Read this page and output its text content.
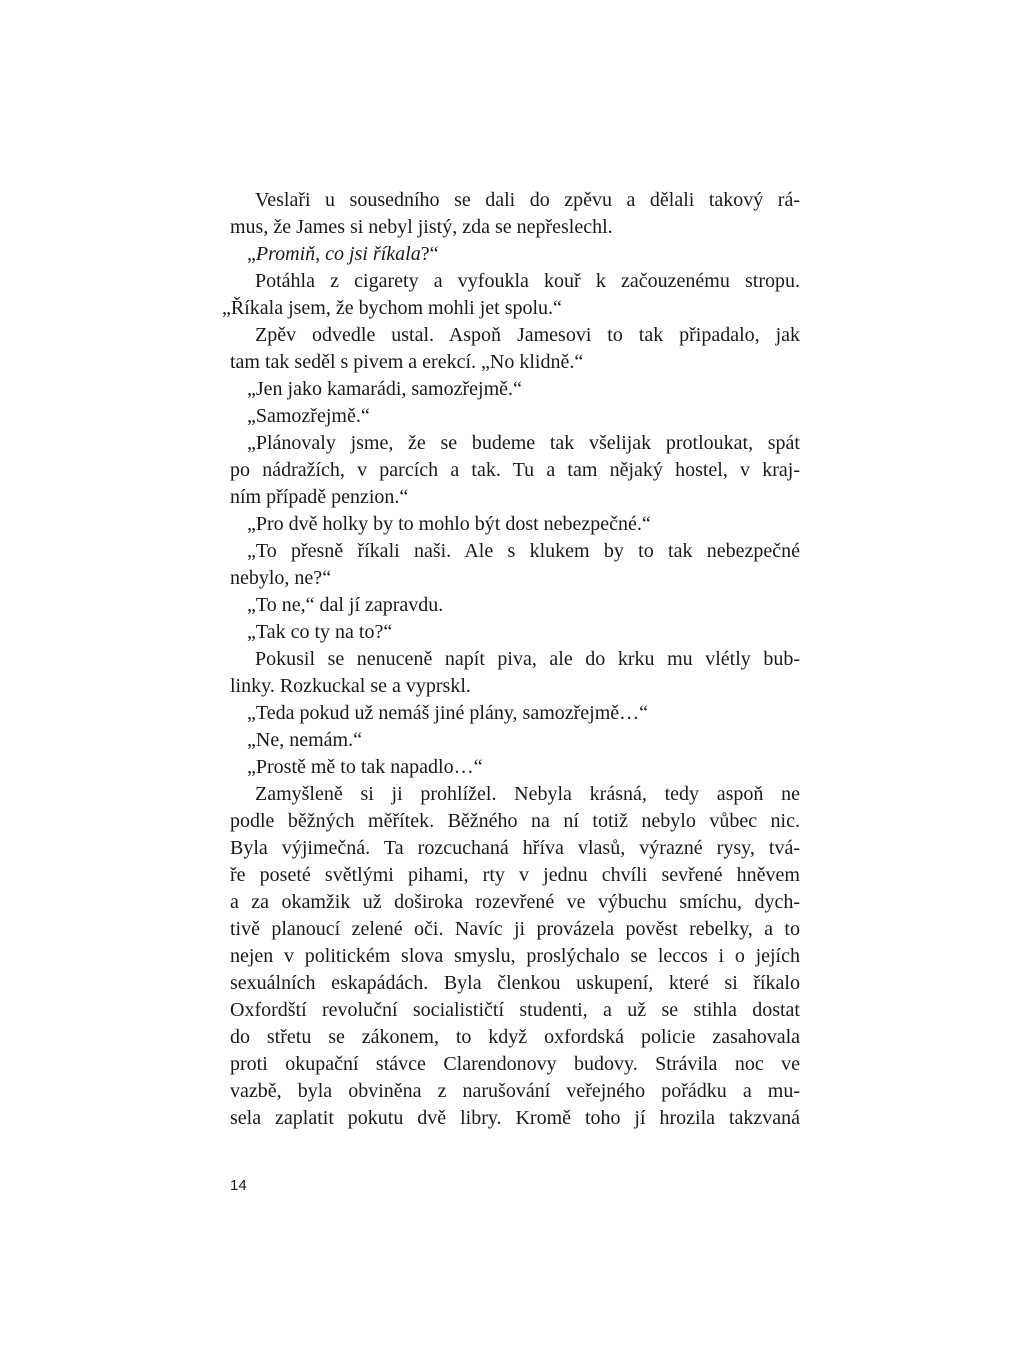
Veslaři u sousedního se dali do zpěvu a dělali takový rá-
mus, že James si nebyl jistý, zda se nepřeslechl.
„Promiň, co jsi říkala?“
Potáhla z cigarety a vyfoukla kouř k začouzenému stropu.
„Říkala jsem, že bychom mohli jet spolu.“
Zpěv odvedle ustal. Aspoň Jamesovi to tak připadalo, jak
tam tak seděl s pivem a erekcí. „No klidně.“
„Jen jako kamarádi, samozřejmě.“
„Samozřejmě.“
„Plánovaly jsme, že se budeme tak všelijak protloukat, spát
po nádražích, v parcích a tak. Tu a tam nějaký hostel, v kraj-
ním případě penzion.“
„Pro dvě holky by to mohlo být dost nebezpečné.“
„To přesně říkali naši. Ale s klukem by to tak nebezpečné
nebylo, ne?“
„To ne,“ dal jí zapravdu.
„Tak co ty na to?“
Pokusil se nenuceně napít piva, ale do krku mu vlétly bub-
linky. Rozkuckal se a vyprskl.
„Teda pokud už nemáš jiné plány, samozřejmě…“
„Ne, nemám.“
„Prostě mě to tak napadlo…“
Zamyšleně si ji prohlížel. Nebyla krásná, tedy aspoň ne
podle běžných měřítek. Běžného na ní totiž nebylo vůbec nic.
Byla výjimečná. Ta rozcuchaná hříva vlasů, výrazné rysy, tvá-
ře poseté světlými pihami, rty v jednu chvíli sevřené hněvem
a za okamžik už doširoka rozevřené ve výbuchu smíchu, dych-
tivě planoucí zelené oči. Navíc ji provázela pověst rebelky, a to
nejen v politickém slova smyslu, proslýchalo se leccos i o jejích
sexuálních eskapádách. Byla členkou uskupení, které si říkalo
Oxfordští revoluční socialističtí studenti, a už se stihla dostat
do střetu se zákonem, to když oxfordská policie zasahovala
proti okupační stávce Clarendonovy budovy. Strávila noc ve
vazbě, byla obviněna z narušování veřejného pořádku a mu-
sela zaplatit pokutu dvě libry. Kromě toho jí hrozila takzvaná
14
